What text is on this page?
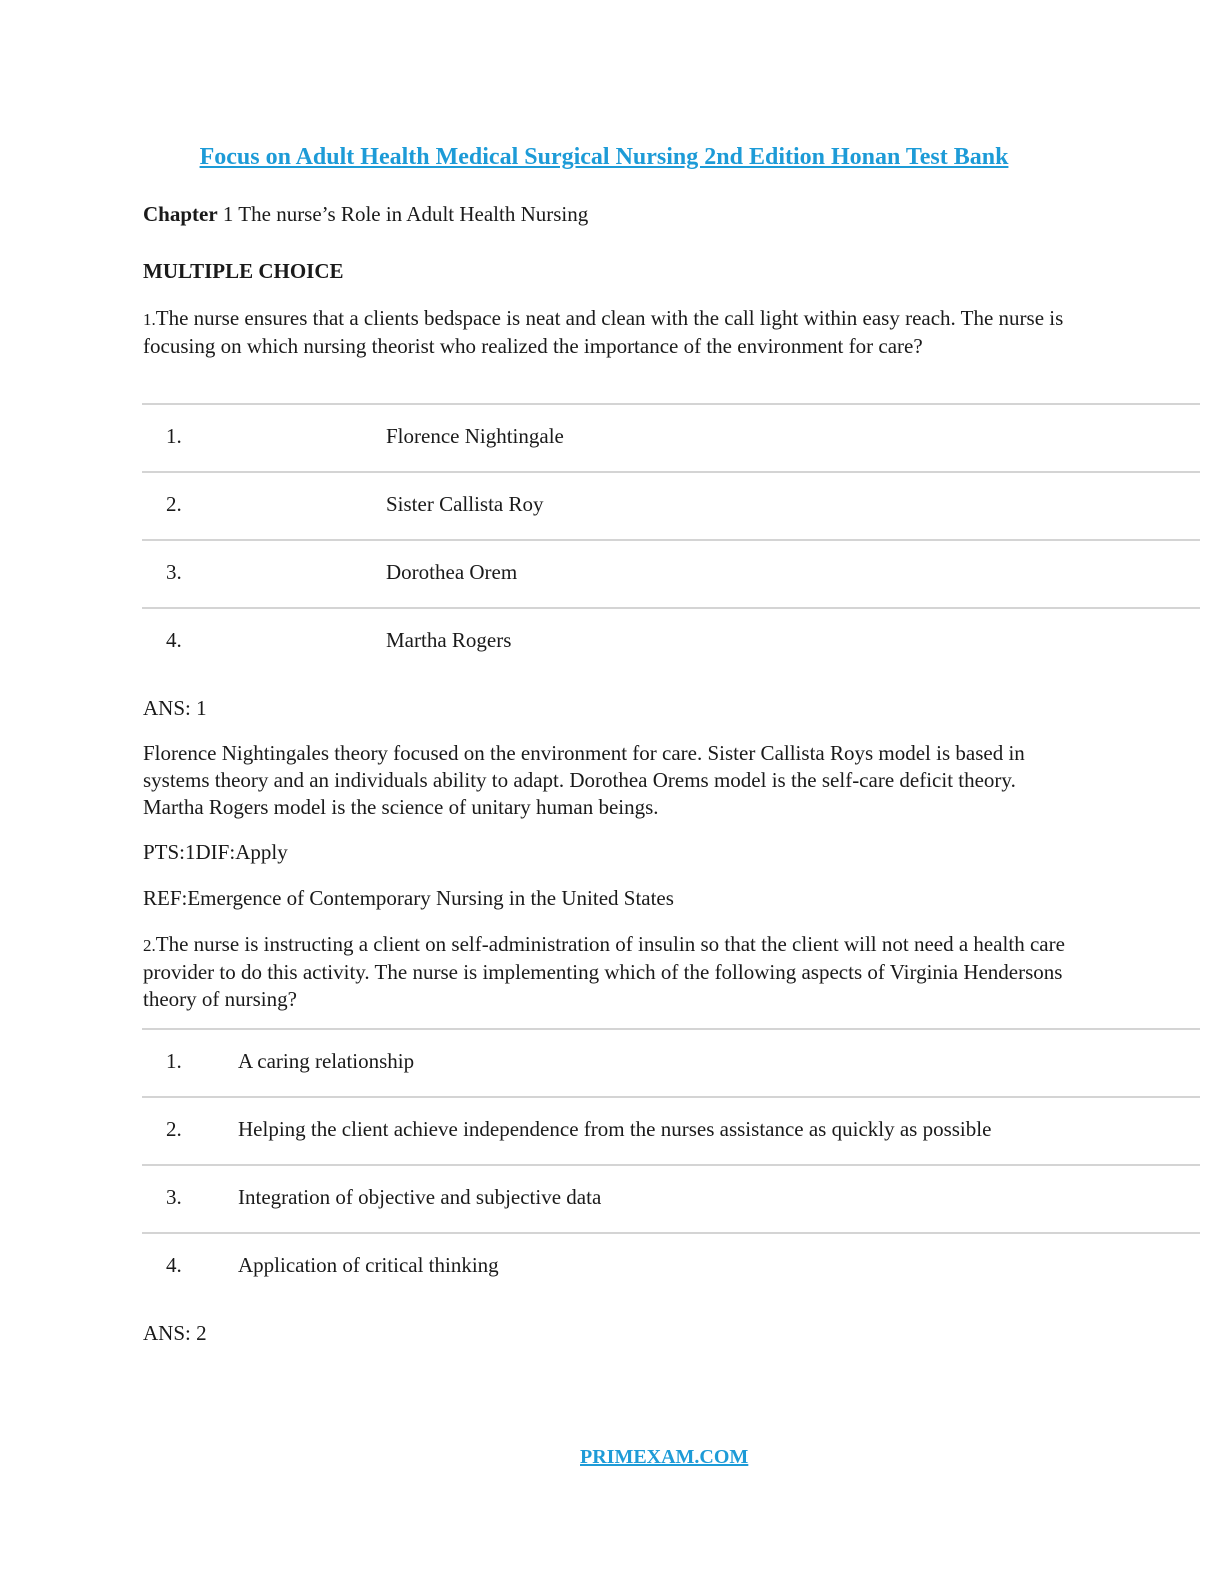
Focus on Adult Health Medical Surgical Nursing 2nd Edition Honan Test Bank
Chapter 1 The nurse’s Role in Adult Health Nursing
MULTIPLE CHOICE
1.The nurse ensures that a clients bedspace is neat and clean with the call light within easy reach. The nurse is focusing on which nursing theorist who realized the importance of the environment for care?
1.	Florence Nightingale
2.	Sister Callista Roy
3.	Dorothea Orem
4.	Martha Rogers
ANS: 1
Florence Nightingales theory focused on the environment for care. Sister Callista Roys model is based in systems theory and an individuals ability to adapt. Dorothea Orems model is the self-care deficit theory. Martha Rogers model is the science of unitary human beings.
PTS:1DIF:Apply
REF:Emergence of Contemporary Nursing in the United States
2.The nurse is instructing a client on self-administration of insulin so that the client will not need a health care provider to do this activity. The nurse is implementing which of the following aspects of Virginia Hendersons theory of nursing?
1.	A caring relationship
2.	Helping the client achieve independence from the nurses assistance as quickly as possible
3.	Integration of objective and subjective data
4.	Application of critical thinking
ANS: 2
PRIMEXAM.COM
